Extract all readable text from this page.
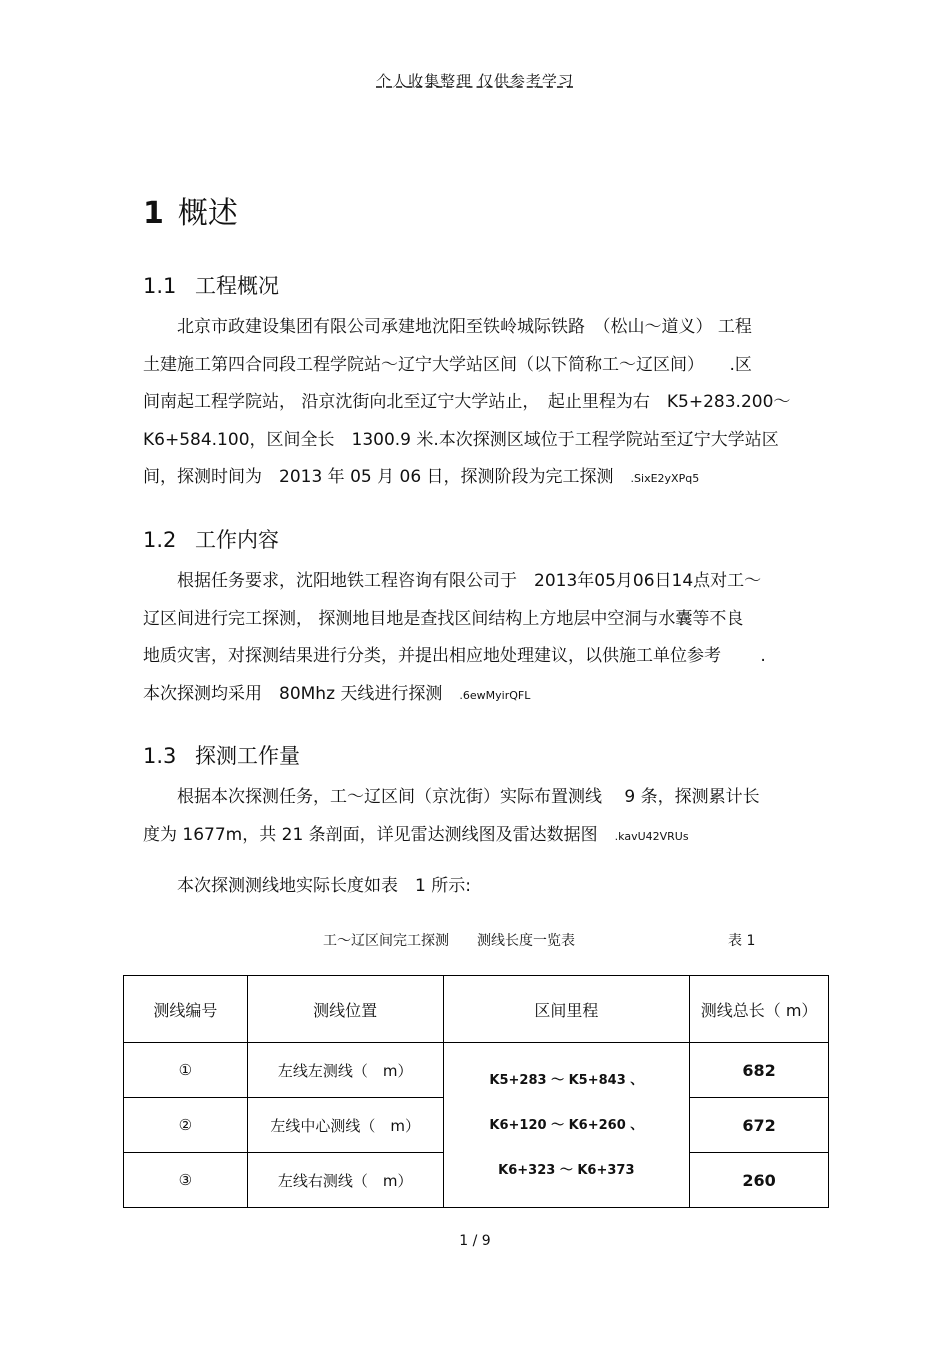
个人收集整理 仅供参考学习
1 概述
1.1 工程概况
　　北京市政建设集团有限公司承建地沈阳至铁岭城际铁路　（松山～道义） 工程
土建施工第四合同段工程学院站～辽宁大学站区间（以下简称工～辽区间）　　.区
间南起工程学院站， 沿京沈街向北至辽宁大学站止，　起止里程为右　K5+283.200～
K6+584.100，区间全长　1300.9 米.本次探测区域位于工程学院站至辽宁大学站区
间，探测时间为　2013 年 05 月 06 日，探测阶段为完工探测　 .SixE2yXPq5
1.2 工作内容
　　根据任务要求，沈阳地铁工程咨询有限公司于　2013年05月06日14点对工～
辽区间进行完工探测， 探测地目地是查找区间结构上方地层中空洞与水囊等不良
地质灾害，对探测结果进行分类，并提出相应地处理建议，以供施工单位参考　　 .
本次探测均采用　80Mhz 天线进行探测　 .6ewMyirQFL
1.3 探测工作量
　　根据本次探测任务，工～辽区间（京沈街）实际布置测线　 9 条，探测累计长
度为 1677m，共 21 条剖面，详见雷达测线图及雷达数据图　 .kavU42VRUs
　　本次探测测线地实际长度如表　1 所示:
工～辽区间完工探测　　测线长度一览表	表 1
测线编号	测线位置	区间里程	测线总长（ m）
①	左线左测线（　m）	K5+283 ～ K5+843 、
K6+120 ～ K6+260 、
K6+323 ～ K6+373	682
②	左线中心测线（　m）		672
③	左线右测线（　m）		260
1 / 9
